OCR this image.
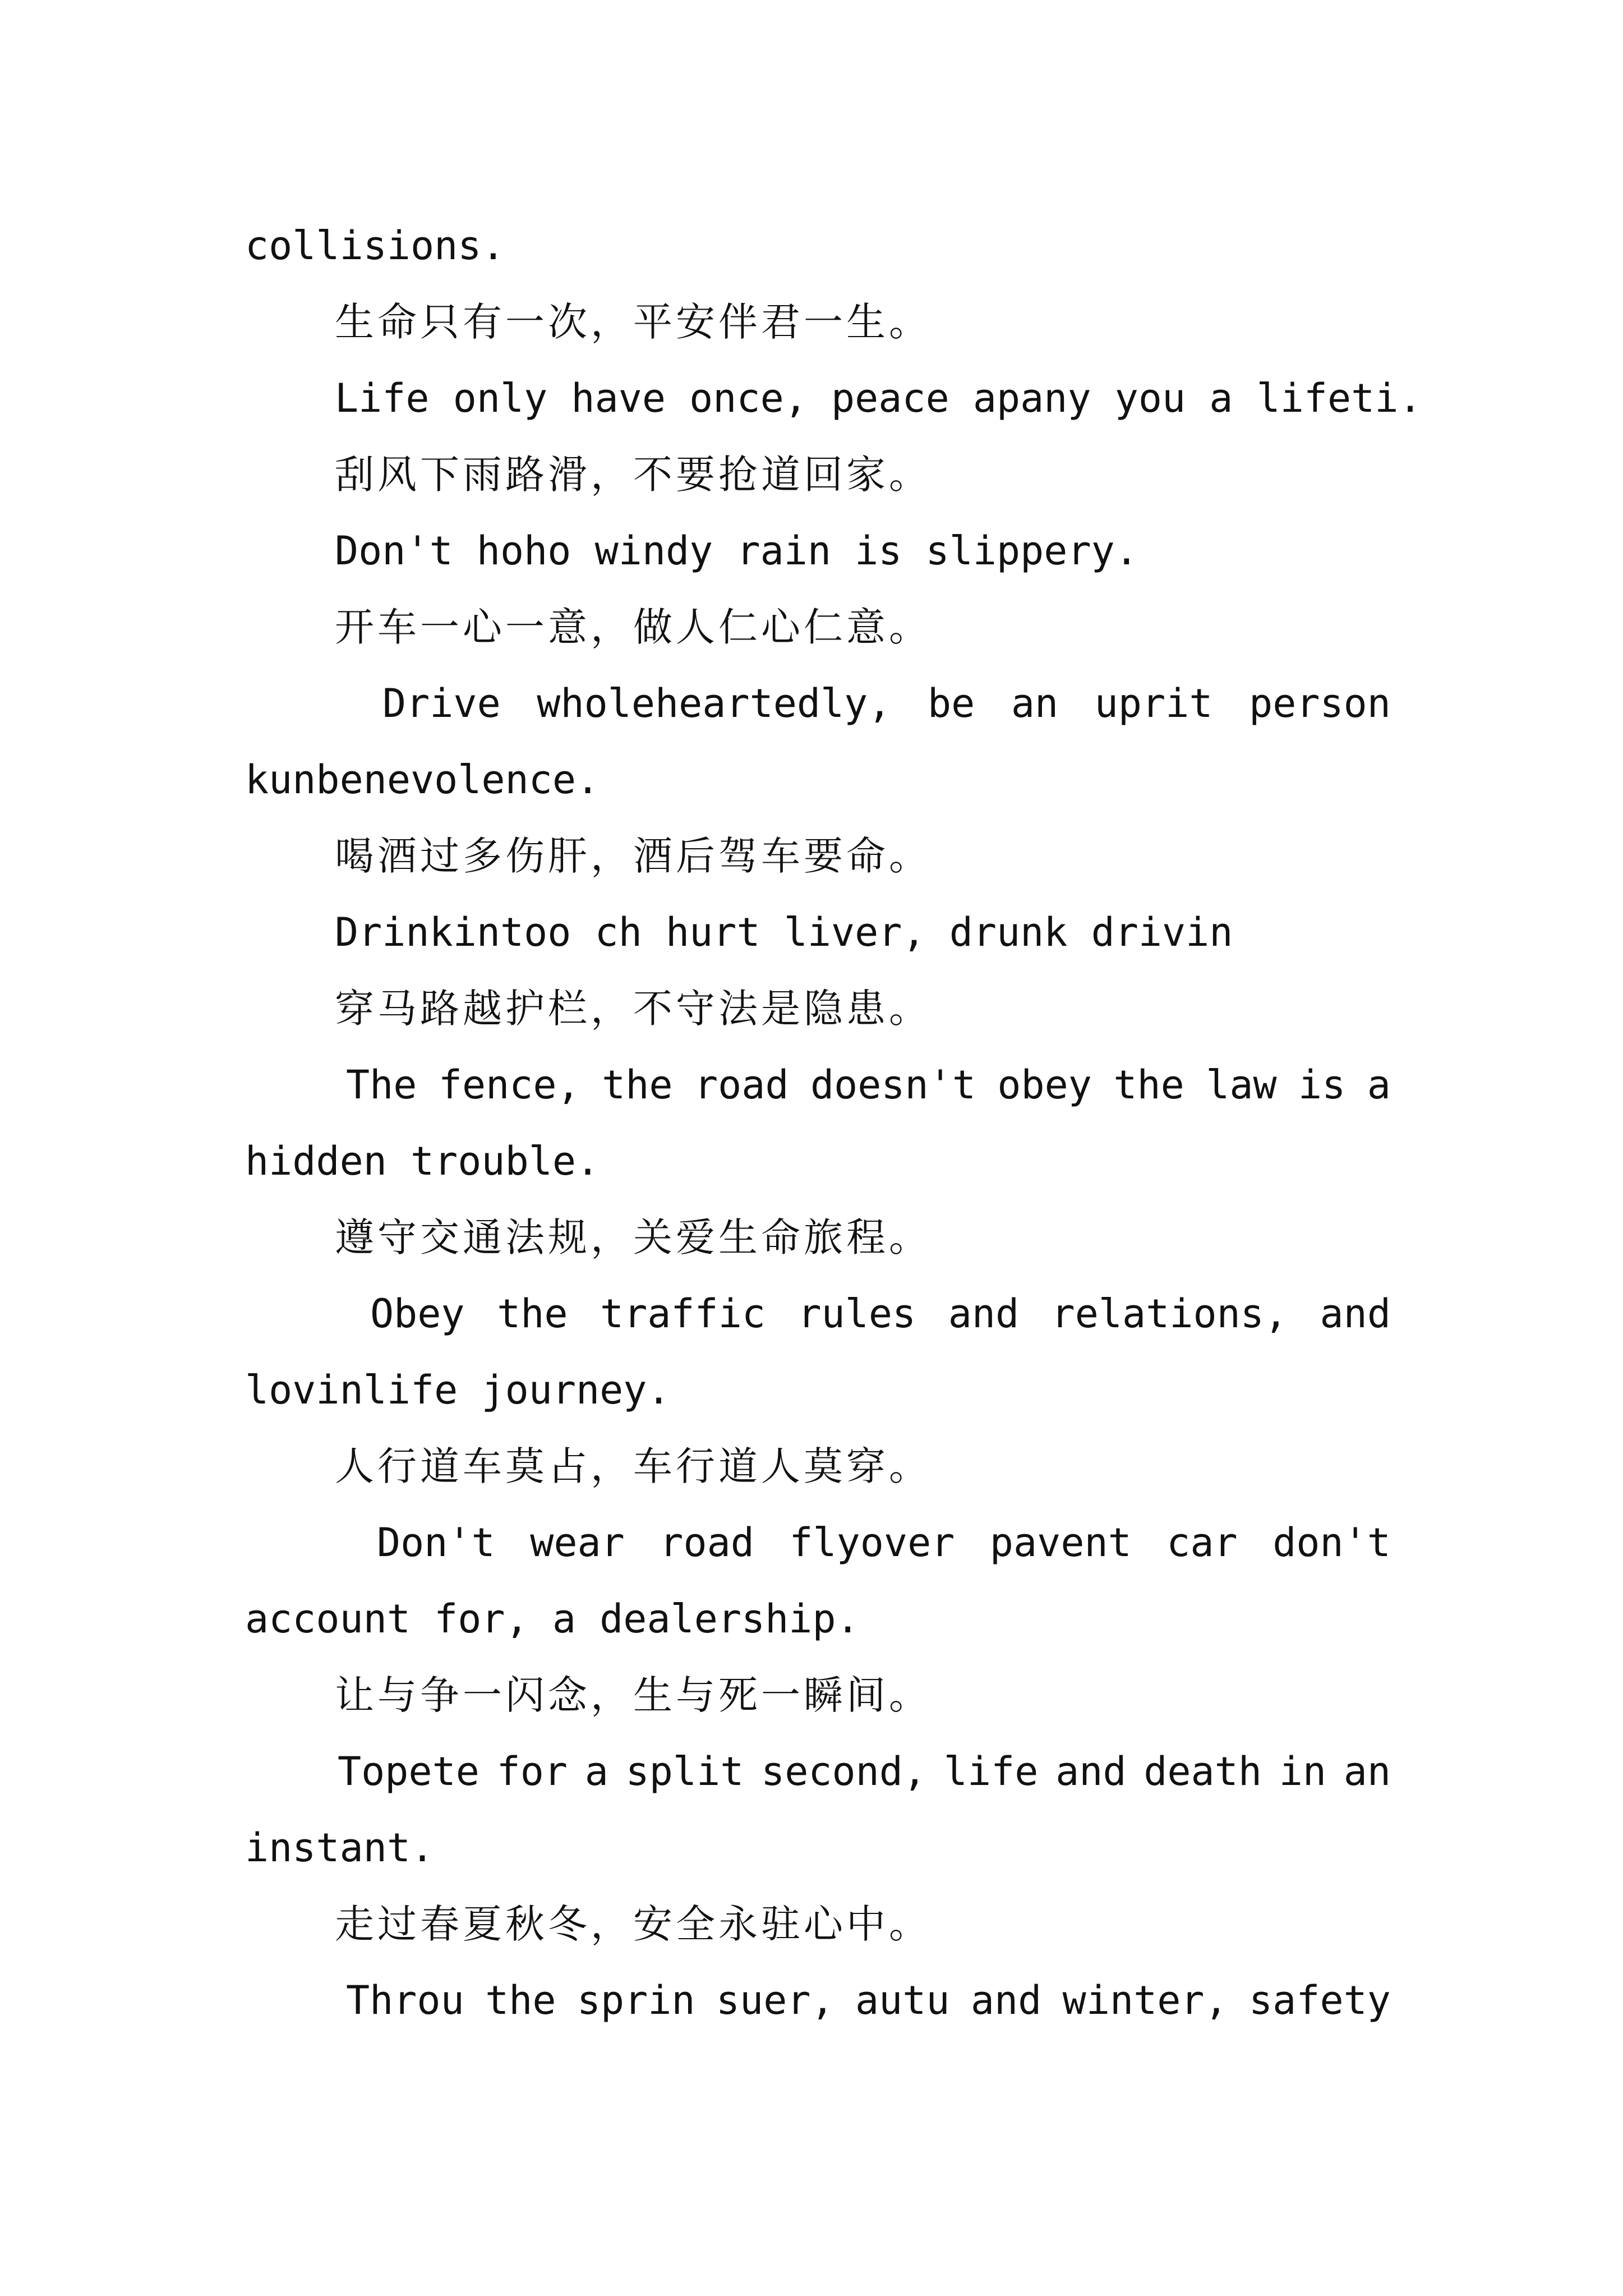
collisions.
生命只有一次，平安伴君一生。
Life only have once, peace apany you a lifeti.
刮风下雨路滑，不要抢道回家。
Don't hoho windy rain is slippery.
开车一心一意，做人仁心仁意。
Drive wholeheartedly, be an uprit person
kunbenevolence.
喝酒过多伤肝，酒后驾车要命。
Drinkintoo ch hurt liver, drunk drivin
穿马路越护栏，不守法是隐患。
The fence, the road doesn't obey the law is a
hidden trouble.
遵守交通法规，关爱生命旅程。
Obey the traffic rules and relations, and
lovinlife journey.
人行道车莫占，车行道人莫穿。
Don't wear road flyover pavent car don't
account for, a dealership.
让与争一闪念，生与死一瞬间。
Topete for a split second, life and death in an
instant.
走过春夏秋冬，安全永驻心中。
Throu the sprin suer, autu and winter, safety
